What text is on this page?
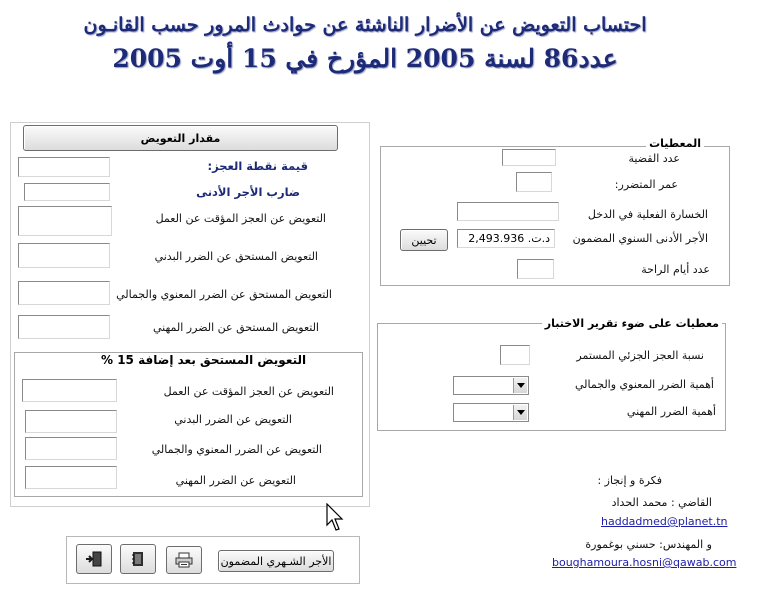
احتساب التعويض عن الأضرار الناشئة عن حوادث المرور حسب القانـون
عدد86 لسنة 2005 المؤرخ في 15 أوت 2005
مقدار التعويض
قيمة نقطة العجز:
ضارب الأجر الأدنى
التعويض عن العجز المؤقت عن العمل
التعويض المستحق عن الضرر البدني
التعويض المستحق عن الضرر المعنوي والجمالي
التعويض المستحق عن الضرر المهني
التعويض المستحق بعد إضافة 15 %
التعويض عن العجز المؤقت عن العمل
التعويض عن الضرر البدني
التعويض عن الضرر المعنوي والجمالي
التعويض عن الضرر المهني
المعطيات
عدد القضية
عمر المتضرر:
الخسارة الفعلية في الدخل
تحيين	د.ت. 2,493.936	الأجر الأدنى السنوي المضمون
عدد أيام الراحة
معطيات على ضوء تقرير الاختبار
نسبة العجز الجزئي المستمر
أهمية الضرر المعنوي والجمالي
أهمية الضرر المهني
فكرة و إنجاز :
القاضي : محمد الحداد
haddadmed@planet.tn
و المهندس: حسني بوغمورة
boughamoura.hosni@qawab.com
الأجر الشـهري المضمون
